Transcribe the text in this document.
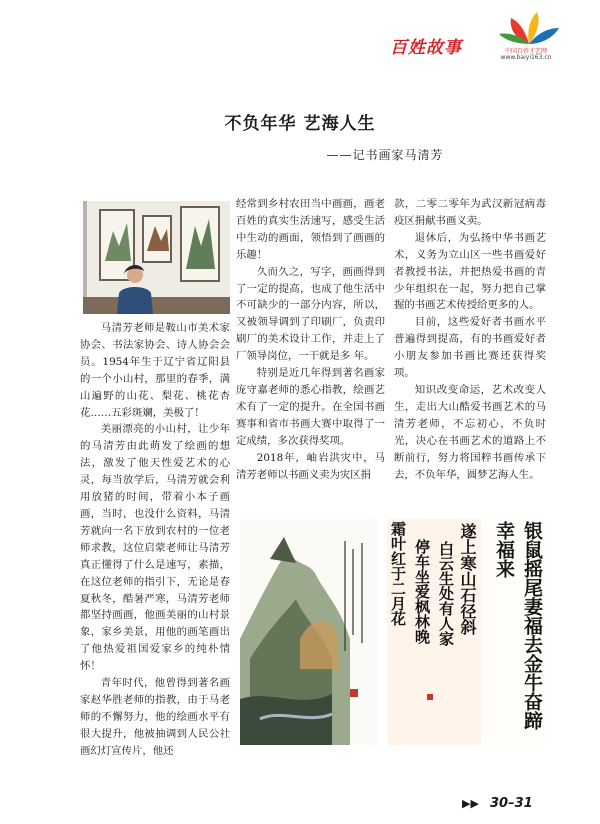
百姓故事	中国百姓才艺网
www.baiyi163.cn
不负年华 艺海人生
——记书画家马清芳

马清芳老师是鞍山市美术家协会、书法家协会、诗人协会会员。1954年生于辽宁省辽阳县的一个小山村，那里的春季，满山遍野的山花、梨花、桃花杏花……五彩斑斓，美极了！

美丽漂亮的小山村，让少年的马清芳由此萌发了绘画的想法，激发了他天性爱艺术的心灵，每当放学后，马清芳就会利用放猪的时间，带着小本子画画，当时，也没什么资料，马清芳就向一名下放到农村的一位老师求教，这位启蒙老师让马清芳真正懂得了什么是速写，素描，在这位老师的指引下，无论是春夏秋冬，酷暑严寒，马清芳老师都坚持画画，他画美丽的山村景象，家乡美景，用他的画笔画出了他热爱祖国爱家乡的纯朴情怀！

青年时代，他曾得到著名画家赵华胜老师的指教，由于马老师的不懈努力，他的绘画水平有很大提升，他被抽调到人民公社画幻灯宣传片，他还

经常到乡村农田当中画画，画老百姓的真实生活速写，感受生活中生动的画面，领悟到了画画的乐趣！

久而久之，写字，画画得到了一定的提高，也成了他生活中不可缺少的一部分内容，所以，又被领导调到了印刷厂，负责印刷厂的美术设计工作，并走上了厂领导岗位，一干就是多 年。

特别是近几年得到著名画家庞守嘉老师的悉心指教，绘画艺术有了一定的提升。在全国书画赛事和省市书画大赛中取得了一定成绩，多次获得奖项。

2018年，岫岩洪灾中，马清芳老师以书画义卖为灾区捐

款，二零二零年为武汉新冠病毒疫区捐献书画义卖。

退休后，为弘扬中华书画艺术，义务为立山区一些书画爱好者教授书法，并把热爱书画的青少年组织在一起，努力把自己掌握的书画艺术传授给更多的人。

目前，这些爱好者书画水平普遍得到提高，有的书画爱好者小朋友参加书画比赛还获得奖项。

知识改变命运，艺术改变人生，走出大山酷爱书画艺术的马清芳老师，不忘初心，不负时光，决心在书画艺术的道路上不断前行，努力将国粹书画传承下去，不负年华，圆梦艺海人生。

遂上寒山石径斜
白云生处有人家
停车坐爱枫林晚
霜叶红于二月花	银鼠摇尾妻福去金牛奋蹄幸福来
▶▶ 30–31
